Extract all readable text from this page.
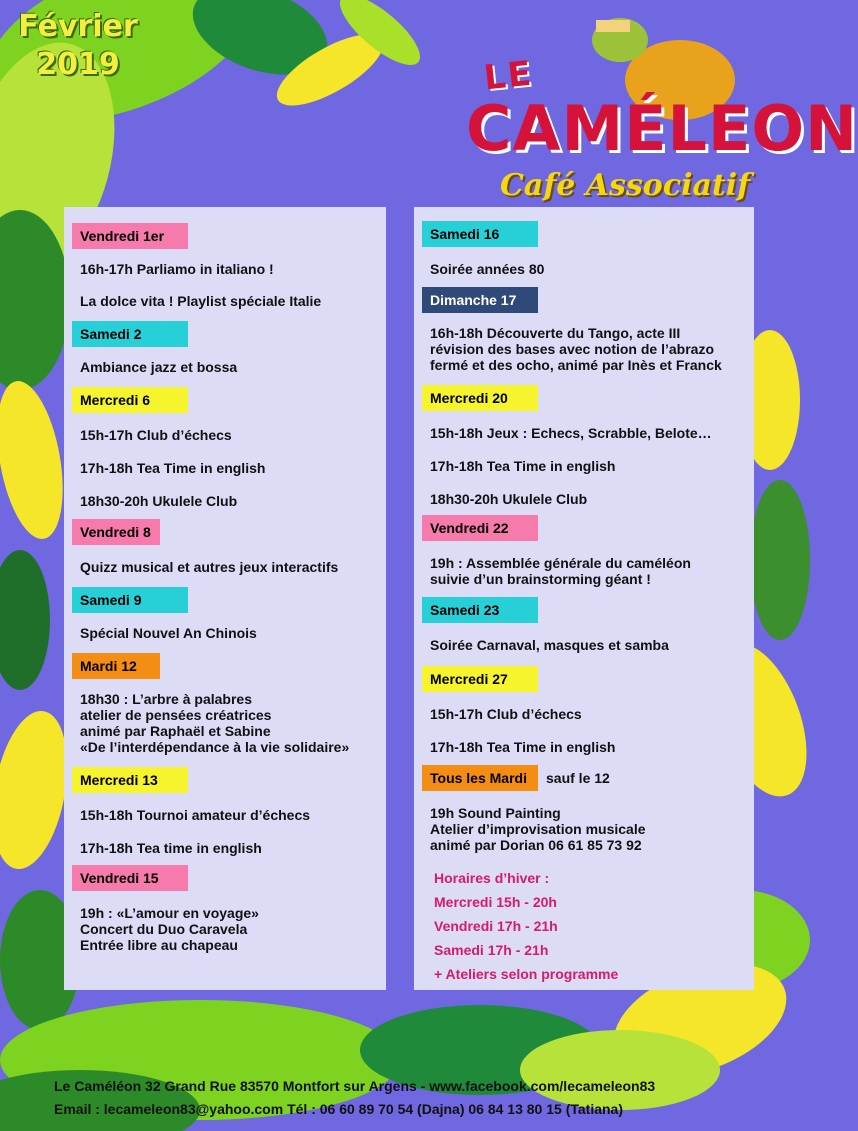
Février
2019	LE
CAMÉLEON
Café Associatif
Vendredi 1er
16h-17h Parliamo in italiano !
La dolce vita ! Playlist spéciale Italie
Samedi 2
Ambiance jazz et bossa
Mercredi 6
15h-17h Club d’échecs
17h-18h Tea Time in english
18h30-20h Ukulele Club
Vendredi 8
Quizz musical et autres jeux interactifs
Samedi 9
Spécial Nouvel An Chinois
Mardi 12
18h30 : L’arbre à palabres
atelier de pensées créatrices
animé par Raphaël et Sabine
«De l’interdépendance à la vie solidaire»
Mercredi 13
15h-18h Tournoi amateur d’échecs
17h-18h Tea time in english
Vendredi 15
19h : «L’amour en voyage»
Concert du Duo Caravela
Entrée libre au chapeau
Samedi 16
Soirée années 80
Dimanche 17
16h-18h Découverte du Tango, acte III
révision des bases avec notion de l’abrazo
fermé et des ocho, animé par Inès et Franck
Mercredi 20
15h-18h Jeux : Echecs, Scrabble, Belote…
17h-18h Tea Time in english
18h30-20h Ukulele Club
Vendredi 22
19h : Assemblée générale du caméléon
suivie d’un brainstorming géant !
Samedi 23
Soirée Carnaval, masques et samba
Mercredi 27
15h-17h Club d’échecs
17h-18h Tea Time in english
Tous les Mardi	sauf le 12
19h Sound Painting
Atelier d’improvisation musicale
animé par Dorian 06 61 85 73 92
Horaires d’hiver :
Mercredi 15h - 20h
Vendredi 17h - 21h
Samedi 17h - 21h
+ Ateliers selon programme
Le Caméléon 32 Grand Rue 83570 Montfort sur Argens - www.facebook.com/lecameleon83
Email : lecameleon83@yahoo.com Tél : 06 60 89 70 54 (Dajna) 06 84 13 80 15 (Tatiana)
